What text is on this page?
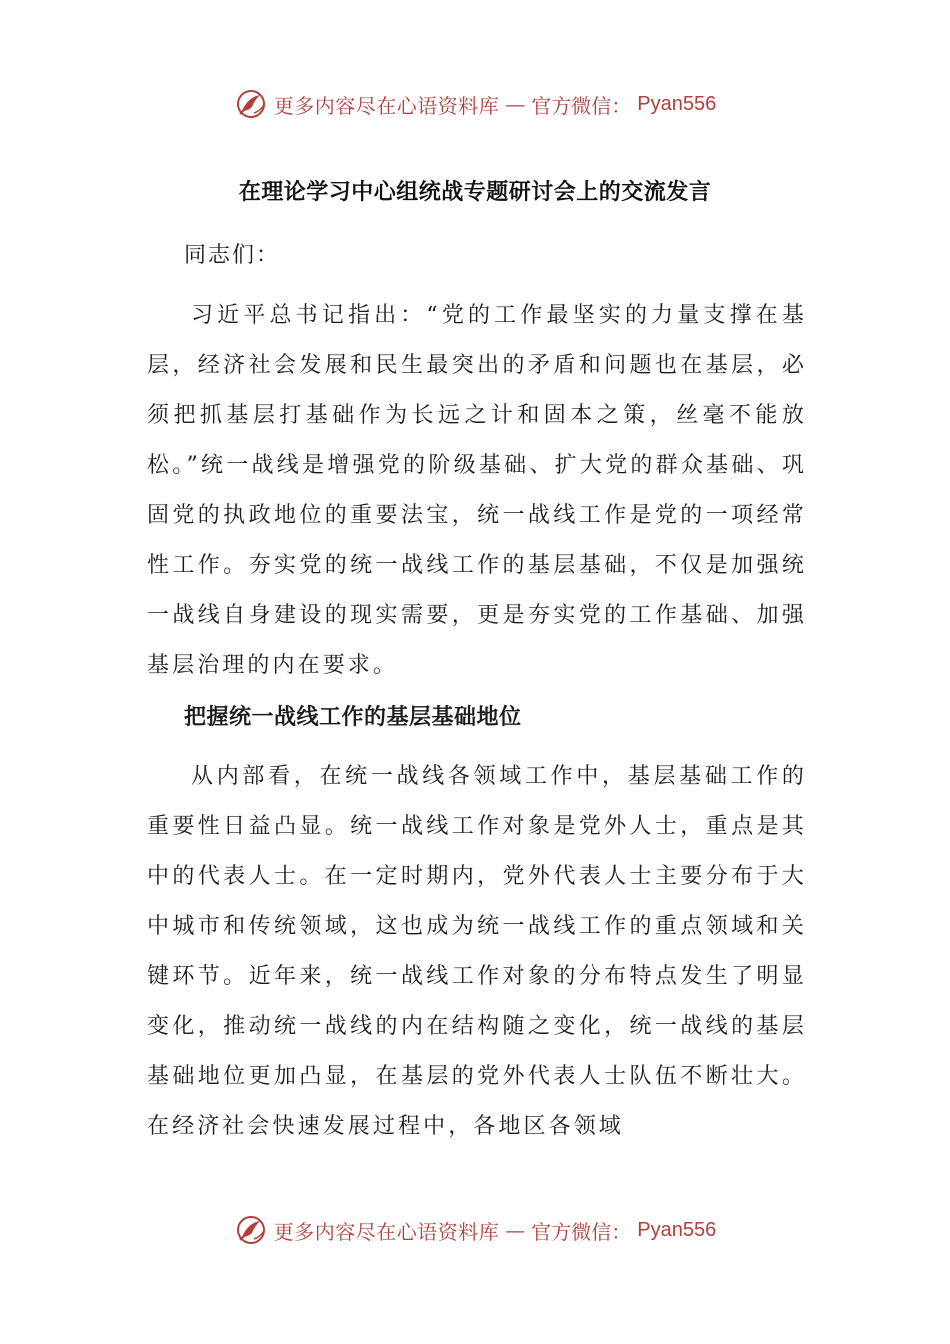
更多内容尽在心语资料库 — 官方微信： Pyan556
在理论学习中心组统战专题研讨会上的交流发言
同志们：
习近平总书记指出：“党的工作最坚实的力量支撑在基层，经济社会发展和民生最突出的矛盾和问题也在基层，必须把抓基层打基础作为长远之计和固本之策，丝毫不能放松。”统一战线是增强党的阶级基础、扩大党的群众基础、巩固党的执政地位的重要法宝，统一战线工作是党的一项经常性工作。夯实党的统一战线工作的基层基础，不仅是加强统一战线自身建设的现实需要，更是夯实党的工作基础、加强基层治理的内在要求。
把握统一战线工作的基层基础地位
从内部看，在统一战线各领域工作中，基层基础工作的重要性日益凸显。统一战线工作对象是党外人士，重点是其中的代表人士。在一定时期内，党外代表人士主要分布于大中城市和传统领域，这也成为统一战线工作的重点领域和关键环节。近年来，统一战线工作对象的分布特点发生了明显变化，推动统一战线的内在结构随之变化，统一战线的基层基础地位更加凸显，在基层的党外代表人士队伍不断壮大。在经济社会快速发展过程中，各地区各领域
更多内容尽在心语资料库 — 官方微信： Pyan556
